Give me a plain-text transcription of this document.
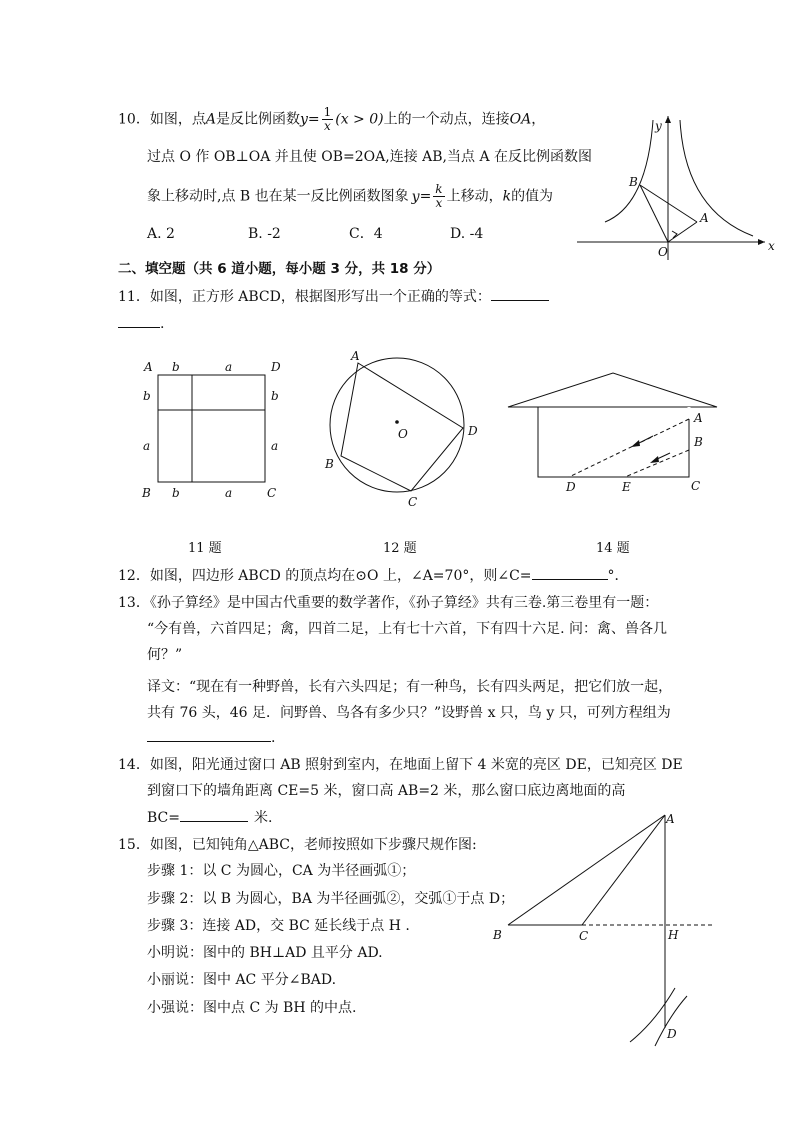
10．如图，点A是反比例函数$y= \frac{1}{x} (x > 0)$上的一个动点，连接OA，
过点 O 作 OB⊥OA 并且使 OB=2OA,连接 AB,当点 A 在反比例函数图
象上移动时,点 B 也在某一反比例函数图象 $y= \frac{k}{x}$ 上移动，k的值为
A. 2	B. -2	C．4	D. -4
y
x
B
A
O
二、填空题（共 6 道小题，每小题 3 分，共 18 分）
11．如图，正方形 ABCD，根据图形写出一个正确的等式：
.
A	D
B	C
b	a
b	a
b
a
b
a
A
D
C
B
O
A
B
C
D	E
11 题	12 题	14 题
12．如图，四边形 ABCD 的顶点均在⊙O 上，∠A=70°，则∠C=	°．
13．《孙子算经》是中国古代重要的数学著作，《孙子算经》共有三卷.第三卷里有一题：
“今有兽，六首四足；禽，四首二足，上有七十六首，下有四十六足. 问：禽、兽各几
何？”
译文：“现在有一种野兽，长有六头四足；有一种鸟，长有四头两足，把它们放一起，
共有 76 头，46 足．问野兽、鸟各有多少只？”设野兽 x 只，鸟 y 只，可列方程组为
.
14．如图，阳光通过窗口 AB 照射到室内，在地面上留下 4 米宽的亮区 DE，已知亮区 DE
到窗口下的墙角距离 CE=5 米，窗口高 AB=2 米，那么窗口底边离地面的高
BC=	米.
15．如图，已知钝角△ABC，老师按照如下步骤尺规作图:
步骤 1：以 C 为圆心，CA 为半径画弧①；
步骤 2：以 B 为圆心，BA 为半径画弧②，交弧①于点 D；
步骤 3：连接 AD，交 BC 延长线于点 H .
小明说：图中的 BH⊥AD 且平分 AD.
小丽说：图中 AC 平分∠BAD.
小强说：图中点 C 为 BH 的中点.
B	C	H
A
D
